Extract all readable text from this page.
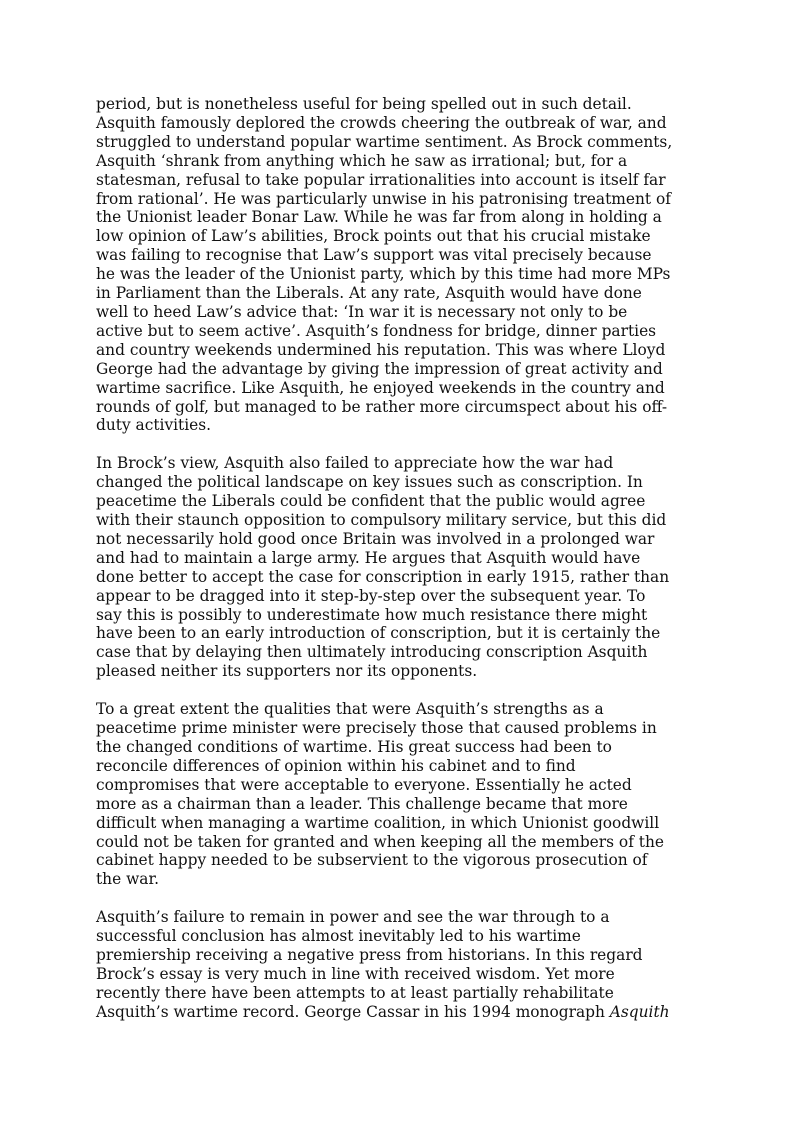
period, but is nonetheless useful for being spelled out in such detail.
Asquith famously deplored the crowds cheering the outbreak of war, and
struggled to understand popular wartime sentiment. As Brock comments,
Asquith ‘shrank from anything which he saw as irrational; but, for a
statesman, refusal to take popular irrationalities into account is itself far
from rational’. He was particularly unwise in his patronising treatment of
the Unionist leader Bonar Law. While he was far from along in holding a
low opinion of Law’s abilities, Brock points out that his crucial mistake
was failing to recognise that Law’s support was vital precisely because
he was the leader of the Unionist party, which by this time had more MPs
in Parliament than the Liberals. At any rate, Asquith would have done
well to heed Law’s advice that: ‘In war it is necessary not only to be
active but to seem active’. Asquith’s fondness for bridge, dinner parties
and country weekends undermined his reputation. This was where Lloyd
George had the advantage by giving the impression of great activity and
wartime sacrifice. Like Asquith, he enjoyed weekends in the country and
rounds of golf, but managed to be rather more circumspect about his off-
duty activities.

In Brock’s view, Asquith also failed to appreciate how the war had
changed the political landscape on key issues such as conscription. In
peacetime the Liberals could be confident that the public would agree
with their staunch opposition to compulsory military service, but this did
not necessarily hold good once Britain was involved in a prolonged war
and had to maintain a large army. He argues that Asquith would have
done better to accept the case for conscription in early 1915, rather than
appear to be dragged into it step-by-step over the subsequent year. To
say this is possibly to underestimate how much resistance there might
have been to an early introduction of conscription, but it is certainly the
case that by delaying then ultimately introducing conscription Asquith
pleased neither its supporters nor its opponents.

To a great extent the qualities that were Asquith’s strengths as a
peacetime prime minister were precisely those that caused problems in
the changed conditions of wartime. His great success had been to
reconcile differences of opinion within his cabinet and to find
compromises that were acceptable to everyone. Essentially he acted
more as a chairman than a leader. This challenge became that more
difficult when managing a wartime coalition, in which Unionist goodwill
could not be taken for granted and when keeping all the members of the
cabinet happy needed to be subservient to the vigorous prosecution of
the war.

Asquith’s failure to remain in power and see the war through to a
successful conclusion has almost inevitably led to his wartime
premiership receiving a negative press from historians. In this regard
Brock’s essay is very much in line with received wisdom. Yet more
recently there have been attempts to at least partially rehabilitate
Asquith’s wartime record. George Cassar in his 1994 monograph Asquith
